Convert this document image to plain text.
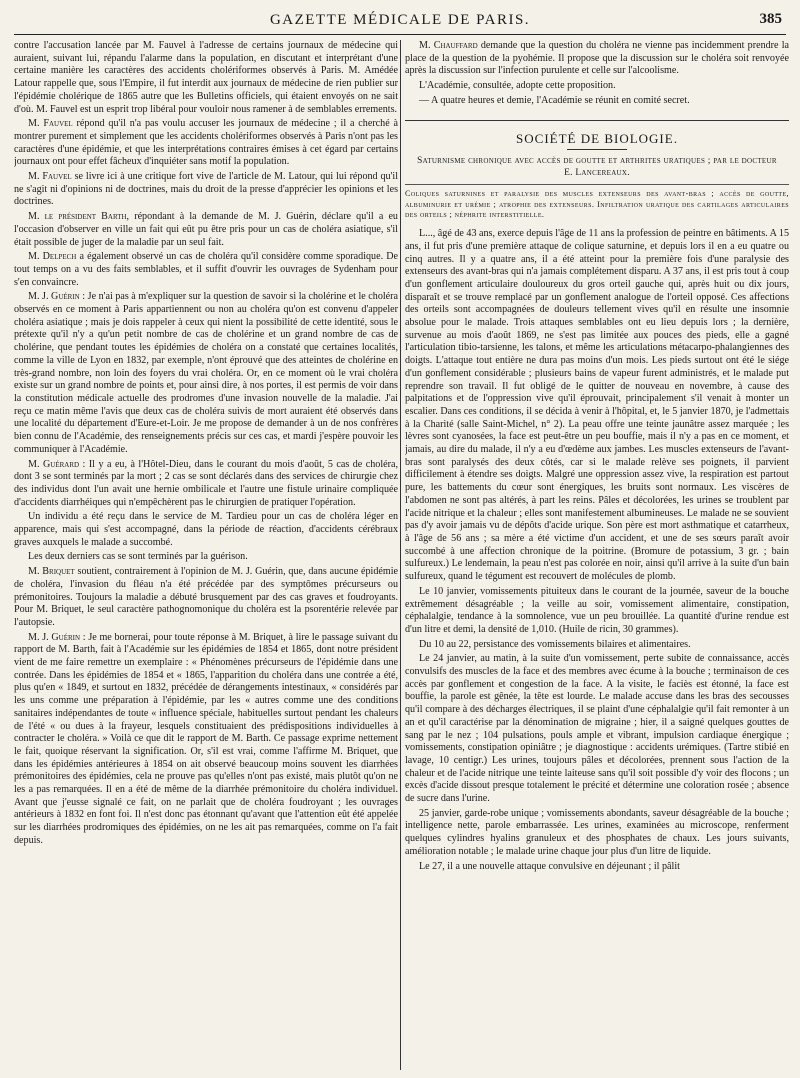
GAZETTE MÉDICALE DE PARIS.	385

contre l'accusation lancée par M. Fauvel à l'adresse de certains journaux de médecine qui auraient, suivant lui, répandu l'alarme dans la population, en discutant et interprétant d'une certaine manière les caractères des accidents cholériformes observés à Paris. M. Amédée Latour rappelle que, sous l'Empire, il fut interdit aux journaux de médecine de rien publier sur l'épidémie cholérique de 1865 autre que les Bulletins officiels, qui étaient envoyés on ne sait d'où. M. Fauvel est un esprit trop libéral pour vouloir nous ramener à de semblables errements.

M. Fauvel répond qu'il n'a pas voulu accuser les journaux de médecine ; il a cherché à montrer purement et simplement que les accidents cholériformes observés à Paris n'ont pas les caractères d'une épidémie, et que les interprétations contraires émises à cet égard par certains journaux ont pour effet fâcheux d'inquiéter sans motif la population.

M. Fauvel se livre ici à une critique fort vive de l'article de M. Latour, qui lui répond qu'il ne s'agit ni d'opinions ni de doctrines, mais du droit de la presse d'apprécier les opinions et les doctrines.

M. le président Barth, répondant à la demande de M. J. Guérin, déclare qu'il a eu l'occasion d'observer en ville un fait qui eût pu être pris pour un cas de choléra asiatique, s'il était possible de juger de la maladie par un seul fait.

M. Delpech a également observé un cas de choléra qu'il considère comme sporadique. De tout temps on a vu des faits semblables, et il suffit d'ouvrir les ouvrages de Sydenham pour s'en convaincre.

M. J. Guérin : Je n'ai pas à m'expliquer sur la question de savoir si la cholérine et le choléra observés en ce moment à Paris appartiennent ou non au choléra qu'on est convenu d'appeler choléra asiatique ; mais je dois rappeler à ceux qui nient la possibilité de cette identité, sous le prétexte qu'il n'y a qu'un petit nombre de cas de cholérine et un grand nombre de cas de cholérine, que pendant toutes les épidémies de choléra on a constaté que certaines localités, comme la ville de Lyon en 1832, par exemple, n'ont éprouvé que des atteintes de cholérine en très-grand nombre, non loin des foyers du vrai choléra. Or, en ce moment où le vrai choléra existe sur un grand nombre de points et, pour ainsi dire, à nos portes, il est permis de voir dans la constitution médicale actuelle des prodromes d'une invasion nouvelle de la maladie. J'ai reçu ce matin même l'avis que deux cas de choléra suivis de mort auraient été observés dans une localité du département d'Eure-et-Loir. Je me propose de demander à un de nos confrères bien connu de l'Académie, des renseignements précis sur ces cas, et mardi j'espère pouvoir les communiquer à l'Académie.

M. Guérard : Il y a eu, à l'Hôtel-Dieu, dans le courant du mois d'août, 5 cas de choléra, dont 3 se sont terminés par la mort ; 2 cas se sont déclarés dans des services de chirurgie chez des individus dont l'un avait une hernie ombilicale et l'autre une fistule urinaire compliquée d'accidents diarrhéiques qui n'empêchèrent pas le chirurgien de pratiquer l'opération.

Un individu a été reçu dans le service de M. Tardieu pour un cas de choléra léger en apparence, mais qui s'est accompagné, dans la période de réaction, d'accidents cérébraux graves auxquels le malade a succombé.

Les deux derniers cas se sont terminés par la guérison.

M. Briquet soutient, contrairement à l'opinion de M. J. Guérin, que, dans aucune épidémie de choléra, l'invasion du fléau n'a été précédée par des symptômes précurseurs ou prémonitoires. Toujours la maladie a débuté brusquement par des cas graves et foudroyants. Pour M. Briquet, le seul caractère pathognomonique du choléra est la psorentérie relevée par l'autopsie.

M. J. Guérin : Je me bornerai, pour toute réponse à M. Briquet, à lire le passage suivant du rapport de M. Barth, fait à l'Académie sur les épidémies de 1854 et 1865, dont notre président vient de me faire remettre un exemplaire : « Phénomènes précurseurs de l'épidémie dans une contrée. Dans les épidémies de 1854 et « 1865, l'apparition du choléra dans une contrée a été, plus qu'en « 1849, et surtout en 1832, précédée de dérangements intestinaux, « considérés par les uns comme une préparation à l'épidémie, par les « autres comme une des conditions sanitaires indépendantes de toute « influence spéciale, habituelles surtout pendant les chaleurs de l'été « ou dues à la frayeur, lesquels constituaient des prédispositions individuelles à contracter le choléra. » Voilà ce que dit le rapport de M. Barth. Ce passage exprime nettement le fait, quoique réservant la signification. Or, s'il est vrai, comme l'affirme M. Briquet, que dans les épidémies antérieures à 1854 on ait observé beaucoup moins souvent les diarrhées prémonitoires des épidémies, cela ne prouve pas qu'elles n'ont pas existé, mais plutôt qu'on ne les a pas remarquées. Il en a été de même de la diarrhée prémonitoire du choléra individuel. Avant que j'eusse signalé ce fait, on ne parlait que de choléra foudroyant ; les ouvrages antérieurs à 1832 en font foi. Il n'est donc pas étonnant qu'avant que l'attention eût été appelée sur les diarrhées prodromiques des épidémies, on ne les ait pas remarquées, comme on l'a fait depuis.

M. Chauffard demande que la question du choléra ne vienne pas incidemment prendre la place de la question de la pyohémie. Il propose que la discussion sur le choléra soit renvoyée après la discussion sur l'infection purulente et celle sur l'alcoolisme.

L'Académie, consultée, adopte cette proposition.

— A quatre heures et demie, l'Académie se réunit en comité secret.

SOCIÉTÉ DE BIOLOGIE.
Saturnisme chronique avec accès de goutte et arthrites uratiques ; par le docteur E. Lancereaux.
Coliques saturnines et paralysie des muscles extenseurs des avant-bras ; accès de goutte, albuminurie et urémie ; atrophie des extenseurs. Infiltration uratique des cartilages articulaires des orteils ; néphrite interstitielle.

L..., âgé de 43 ans, exerce depuis l'âge de 11 ans la profession de peintre en bâtiments. A 15 ans, il fut pris d'une première attaque de colique saturnine, et depuis lors il en a eu quatre ou cinq autres. Il y a quatre ans, il a été atteint pour la première fois d'une paralysie des extenseurs des avant-bras qui n'a jamais complétement disparu. A 37 ans, il est pris tout à coup d'un gonflement articulaire douloureux du gros orteil gauche qui, après huit ou dix jours, disparaît et se trouve remplacé par un gonflement analogue de l'orteil opposé. Ces affections des orteils sont accompagnées de douleurs tellement vives qu'il en résulte une insomnie absolue pour le malade. Trois attaques semblables ont eu lieu depuis lors ; la dernière, survenue au mois d'août 1869, ne s'est pas limitée aux pouces des pieds, elle a gagné l'articulation tibio-tarsienne, les talons, et même les articulations métacarpo-phalangiennes des doigts. L'attaque tout entière ne dura pas moins d'un mois. Les pieds surtout ont été le siége d'un gonflement considérable ; plusieurs bains de vapeur furent administrés, et le malade put reprendre son travail. Il fut obligé de le quitter de nouveau en novembre, à cause des palpitations et de l'oppression vive qu'il éprouvait, principalement s'il venait à monter un escalier. Dans ces conditions, il se décida à venir à l'hôpital, et, le 5 janvier 1870, je l'admettais à la Charité (salle Saint-Michel, n° 2). La peau offre une teinte jaunâtre assez marquée ; les lèvres sont cyanosées, la face est peut-être un peu bouffie, mais il n'y a pas en ce moment, et jamais, au dire du malade, il n'y a eu d'œdème aux jambes. Les muscles extenseurs de l'avant-bras sont paralysés des deux côtés, car si le malade relève ses poignets, il parvient difficilement à étendre ses doigts. Malgré une oppression assez vive, la respiration est partout pure, les battements du cœur sont énergiques, les bruits sont normaux. Les viscères de l'abdomen ne sont pas altérés, à part les reins. Pâles et décolorées, les urines se troublent par l'acide nitrique et la chaleur ; elles sont manifestement albumineuses. Le malade ne se souvient pas d'y avoir jamais vu de dépôts d'acide urique. Son père est mort asthmatique et catarrheux, à l'âge de 56 ans ; sa mère a été victime d'un accident, et une de ses sœurs paraît avoir succombé à une affection chronique de la poitrine. (Bromure de potassium, 3 gr. ; bain sulfureux.) Le lendemain, la peau n'est pas colorée en noir, ainsi qu'il arrive à la suite d'un bain sulfureux, quand le tégument est recouvert de molécules de plomb.

Le 10 janvier, vomissements pituiteux dans le courant de la journée, saveur de la bouche extrêmement désagréable ; la veille au soir, vomissement alimentaire, constipation, céphalalgie, tendance à la somnolence, vue un peu brouillée. La quantité d'urine rendue est d'un litre et demi, la densité de 1,010. (Huile de ricin, 30 grammes).

Du 10 au 22, persistance des vomissements bilaires et alimentaires.

Le 24 janvier, au matin, à la suite d'un vomissement, perte subite de connaissance, accès convulsifs des muscles de la face et des membres avec écume à la bouche ; terminaison de ces accès par gonflement et congestion de la face. A la visite, le faciès est étonné, la face est bouffie, la parole est gênée, la tête est lourde. Le malade accuse dans les bras des secousses qu'il compare à des décharges électriques, il se plaint d'une céphalalgie qu'il fait remonter à un an et qu'il caractérise par la dénomination de migraine ; hier, il a saigné quelques gouttes de sang par le nez ; 104 pulsations, pouls ample et vibrant, impulsion cardiaque énergique ; vomissements, constipation opiniâtre ; je diagnostique : accidents urémiques. (Tartre stibié en lavage, 10 centigr.) Les urines, toujours pâles et décolorées, prennent sous l'action de la chaleur et de l'acide nitrique une teinte laiteuse sans qu'il soit possible d'y voir des flocons ; un excès d'acide dissout presque totalement le précité et détermine une coloration rosée ; absence de sucre dans l'urine.

25 janvier, garde-robe unique ; vomissements abondants, saveur désagréable de la bouche ; intelligence nette, parole embarrassée. Les urines, examinées au microscope, renferment quelques cylindres hyalins granuleux et des phosphates de chaux. Les jours suivants, amélioration notable ; le malade urine chaque jour plus d'un litre de liquide.

Le 27, il a une nouvelle attaque convulsive en déjeunant ; il pâlit
